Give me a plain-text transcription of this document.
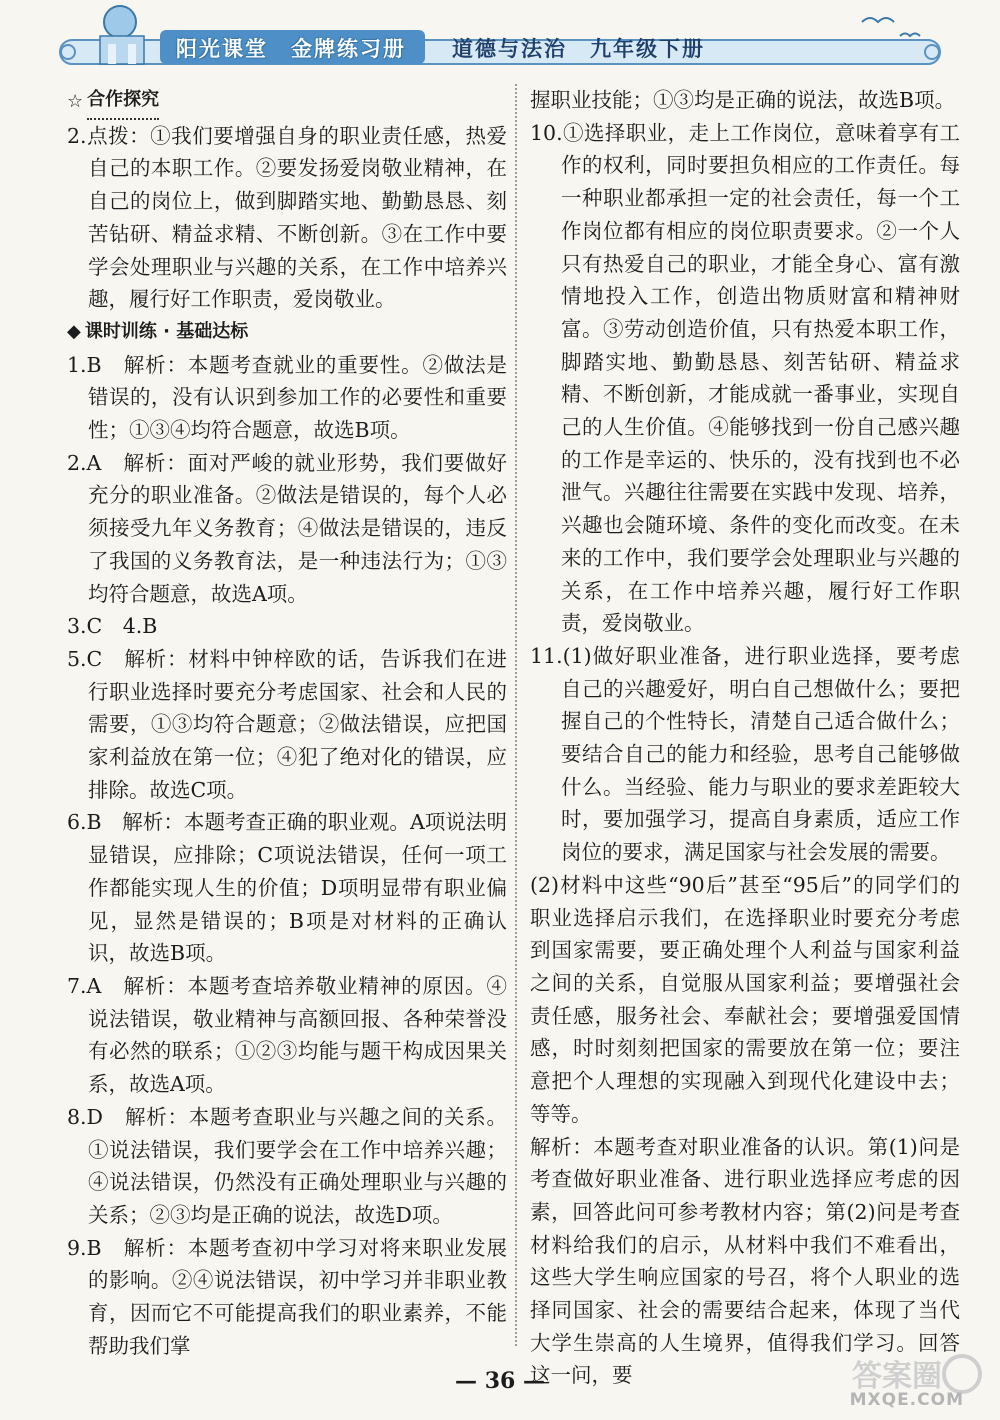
阳光课堂　金牌练习册 道德与法治　九年级下册
☆ 合作探究

2.点拨：①我们要增强自身的职业责任感，热爱自己的本职工作。②要发扬爱岗敬业精神，在自己的岗位上，做到脚踏实地、勤勤恳恳、刻苦钻研、精益求精、不断创新。③在工作中要学会处理职业与兴趣的关系，在工作中培养兴趣，履行好工作职责，爱岗敬业。

◆ 课时训练 · 基础达标

1.B　解析：本题考查就业的重要性。②做法是错误的，没有认识到参加工作的必要性和重要性；①③④均符合题意，故选B项。

2.A　解析：面对严峻的就业形势，我们要做好充分的职业准备。②做法是错误的，每个人必须接受九年义务教育；④做法是错误的，违反了我国的义务教育法，是一种违法行为；①③均符合题意，故选A项。

3.C　4.B

5.C　解析：材料中钟梓欧的话，告诉我们在进行职业选择时要充分考虑国家、社会和人民的需要，①③均符合题意；②做法错误，应把国家利益放在第一位；④犯了绝对化的错误，应排除。故选C项。

6.B　解析：本题考查正确的职业观。A项说法明显错误，应排除；C项说法错误，任何一项工作都能实现人生的价值；D项明显带有职业偏见，显然是错误的；B项是对材料的正确认识，故选B项。

7.A　解析：本题考查培养敬业精神的原因。④说法错误，敬业精神与高额回报、各种荣誉没有必然的联系；①②③均能与题干构成因果关系，故选A项。

8.D　解析：本题考查职业与兴趣之间的关系。①说法错误，我们要学会在工作中培养兴趣；④说法错误，仍然没有正确处理职业与兴趣的关系；②③均是正确的说法，故选D项。

9.B　解析：本题考查初中学习对将来职业发展的影响。②④说法错误，初中学习并非职业教育，因而它不可能提高我们的职业素养，不能帮助我们掌

握职业技能；①③均是正确的说法，故选B项。

10.①选择职业，走上工作岗位，意味着享有工作的权利，同时要担负相应的工作责任。每一种职业都承担一定的社会责任，每一个工作岗位都有相应的岗位职责要求。②一个人只有热爱自己的职业，才能全身心、富有激情地投入工作，创造出物质财富和精神财富。③劳动创造价值，只有热爱本职工作，脚踏实地、勤勤恳恳、刻苦钻研、精益求精、不断创新，才能成就一番事业，实现自己的人生价值。④能够找到一份自己感兴趣的工作是幸运的、快乐的，没有找到也不必泄气。兴趣往往需要在实践中发现、培养，兴趣也会随环境、条件的变化而改变。在未来的工作中，我们要学会处理职业与兴趣的关系，在工作中培养兴趣，履行好工作职责，爱岗敬业。

11.(1)做好职业准备，进行职业选择，要考虑自己的兴趣爱好，明白自己想做什么；要把握自己的个性特长，清楚自己适合做什么；要结合自己的能力和经验，思考自己能够做什么。当经验、能力与职业的要求差距较大时，要加强学习，提高自身素质，适应工作岗位的要求，满足国家与社会发展的需要。

(2)材料中这些“90后”甚至“95后”的同学们的职业选择启示我们，在选择职业时要充分考虑到国家需要，要正确处理个人利益与国家利益之间的关系，自觉服从国家利益；要增强社会责任感，服务社会、奉献社会；要增强爱国情感，时时刻刻把国家的需要放在第一位；要注意把个人理想的实现融入到现代化建设中去；等等。

解析：本题考查对职业准备的认识。第(1)问是考查做好职业准备、进行职业选择应考虑的因素，回答此问可参考教材内容；第(2)问是考查材料给我们的启示，从材料中我们不难看出，这些大学生响应国家的号召，将个人职业的选择同国家、社会的需要结合起来，体现了当代大学生崇高的人生境界，值得我们学习。回答这一问，要

— 36 —	答案圈
MXQE.COM
